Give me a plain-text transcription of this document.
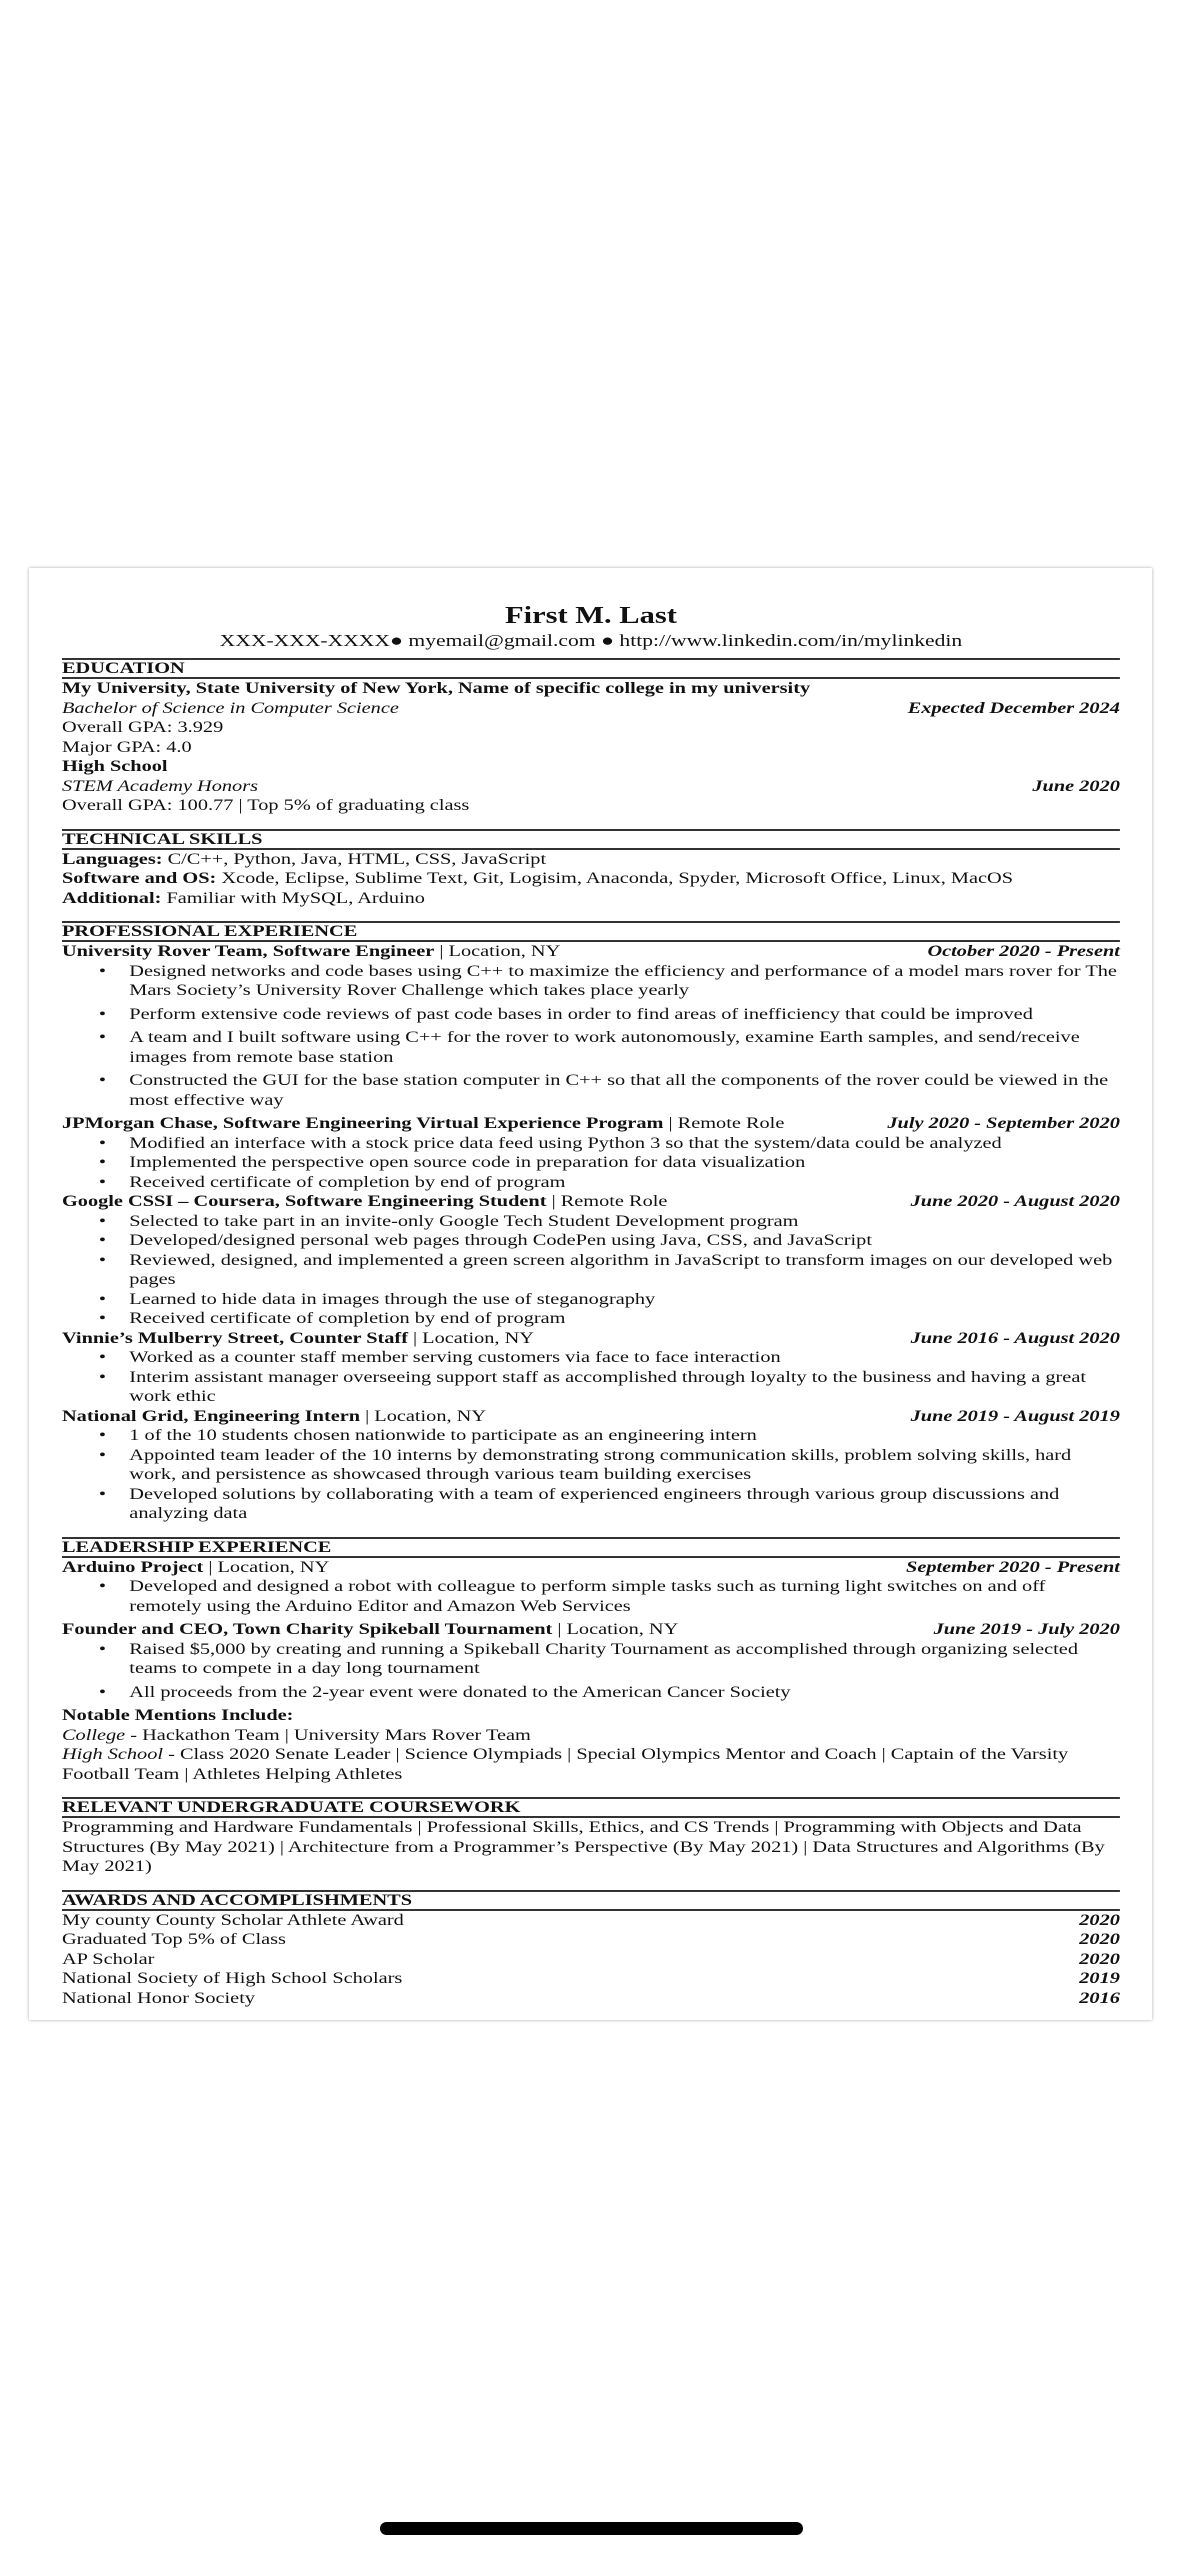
First M. Last
XXX-XXX-XXXX● myemail@gmail.com ● http://www.linkedin.com/in/mylinkedin
EDUCATION
My University, State University of New York, Name of specific college in my university
Bachelor of Science in Computer Science	Expected December 2024
Overall GPA: 3.929
Major GPA: 4.0
High School
STEM Academy Honors	June 2020
Overall GPA: 100.77 | Top 5% of graduating class
TECHNICAL SKILLS
Languages: C/C++, Python, Java, HTML, CSS, JavaScript
Software and OS: Xcode, Eclipse, Sublime Text, Git, Logisim, Anaconda, Spyder, Microsoft Office, Linux, MacOS
Additional: Familiar with MySQL, Arduino
PROFESSIONAL EXPERIENCE
University Rover Team, Software Engineer | Location, NY	October 2020 - Present
• Designed networks and code bases using C++ to maximize the efficiency and performance of a model mars rover for The Mars Society’s University Rover Challenge which takes place yearly
• Perform extensive code reviews of past code bases in order to find areas of inefficiency that could be improved
• A team and I built software using C++ for the rover to work autonomously, examine Earth samples, and send/receive images from remote base station
• Constructed the GUI for the base station computer in C++ so that all the components of the rover could be viewed in the most effective way
JPMorgan Chase, Software Engineering Virtual Experience Program | Remote Role	July 2020 - September 2020
• Modified an interface with a stock price data feed using Python 3 so that the system/data could be analyzed
• Implemented the perspective open source code in preparation for data visualization
• Received certificate of completion by end of program
Google CSSI – Coursera, Software Engineering Student | Remote Role	June 2020 - August 2020
• Selected to take part in an invite-only Google Tech Student Development program
• Developed/designed personal web pages through CodePen using Java, CSS, and JavaScript
• Reviewed, designed, and implemented a green screen algorithm in JavaScript to transform images on our developed web pages
• Learned to hide data in images through the use of steganography
• Received certificate of completion by end of program
Vinnie’s Mulberry Street, Counter Staff | Location, NY	June 2016 - August 2020
• Worked as a counter staff member serving customers via face to face interaction
• Interim assistant manager overseeing support staff as accomplished through loyalty to the business and having a great work ethic
National Grid, Engineering Intern | Location, NY	June 2019 - August 2019
• 1 of the 10 students chosen nationwide to participate as an engineering intern
• Appointed team leader of the 10 interns by demonstrating strong communication skills, problem solving skills, hard work, and persistence as showcased through various team building exercises
• Developed solutions by collaborating with a team of experienced engineers through various group discussions and analyzing data
LEADERSHIP EXPERIENCE
Arduino Project | Location, NY	September 2020 - Present
• Developed and designed a robot with colleague to perform simple tasks such as turning light switches on and off remotely using the Arduino Editor and Amazon Web Services
Founder and CEO, Town Charity Spikeball Tournament | Location, NY	June 2019 - July 2020
• Raised $5,000 by creating and running a Spikeball Charity Tournament as accomplished through organizing selected teams to compete in a day long tournament
• All proceeds from the 2-year event were donated to the American Cancer Society
Notable Mentions Include:
College - Hackathon Team | University Mars Rover Team
High School - Class 2020 Senate Leader | Science Olympiads | Special Olympics Mentor and Coach | Captain of the Varsity Football Team | Athletes Helping Athletes
RELEVANT UNDERGRADUATE COURSEWORK
Programming and Hardware Fundamentals | Professional Skills, Ethics, and CS Trends | Programming with Objects and Data Structures (By May 2021) | Architecture from a Programmer’s Perspective (By May 2021) | Data Structures and Algorithms (By May 2021)
AWARDS AND ACCOMPLISHMENTS
My county County Scholar Athlete Award	2020
Graduated Top 5% of Class	2020
AP Scholar	2020
National Society of High School Scholars	2019
National Honor Society	2016
